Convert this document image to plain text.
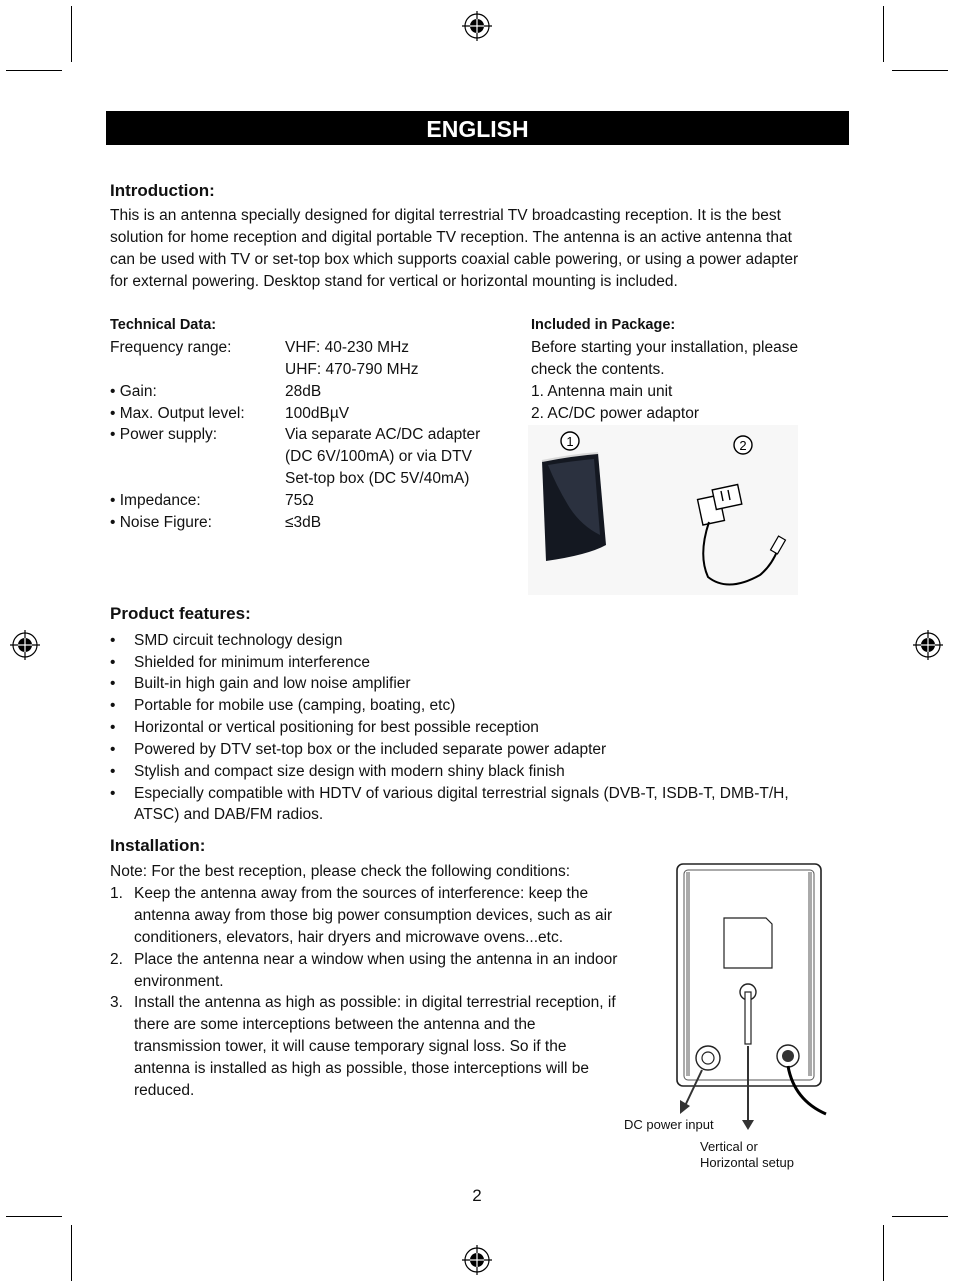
ENGLISH
Introduction:
This is an antenna specially designed for digital terrestrial TV broadcasting reception. It is the best
solution for home reception and digital portable TV reception. The antenna is an active antenna that
can be used with TV or set-top box which supports coaxial cable powering, or using a power adapter
for external powering. Desktop stand for vertical or horizontal mounting is included.
Technical Data:
Frequency range:	VHF: 40-230 MHz
UHF: 470-790 MHz
• Gain:	28dB
• Max. Output level:	100dBµV
• Power supply:	Via separate AC/DC adapter
(DC 6V/100mA) or via DTV
Set-top box (DC 5V/40mA)
• Impedance:	75Ω
• Noise Figure:	≤3dB
Included in Package:
Before starting your installation, please
check the contents.
1. Antenna main unit
2. AC/DC power adaptor
1	2
Product features:
• SMD circuit technology design
• Shielded for minimum interference
• Built-in high gain and low noise amplifier
• Portable for mobile use (camping, boating, etc)
• Horizontal or vertical positioning for best possible reception
• Powered by DTV set-top box or the included separate power adapter
• Stylish and compact size design with modern shiny black finish
• Especially compatible with HDTV of various digital terrestrial signals (DVB-T, ISDB-T, DMB-T/H,
ATSC) and DAB/FM radios.
Installation:
Note: For the best reception, please check the following conditions:
1. Keep the antenna away from the sources of interference: keep the
antenna away from those big power consumption devices, such as air
conditioners, elevators, hair dryers and microwave ovens...etc.
2. Place the antenna near a window when using the antenna in an indoor
environment.
3. Install the antenna as high as possible: in digital terrestrial reception, if
there are some interceptions between the antenna and the
transmission tower, it will cause temporary signal loss. So if the
antenna is installed as high as possible, those interceptions will be
reduced.
DC power input
Vertical or
Horizontal setup
2
